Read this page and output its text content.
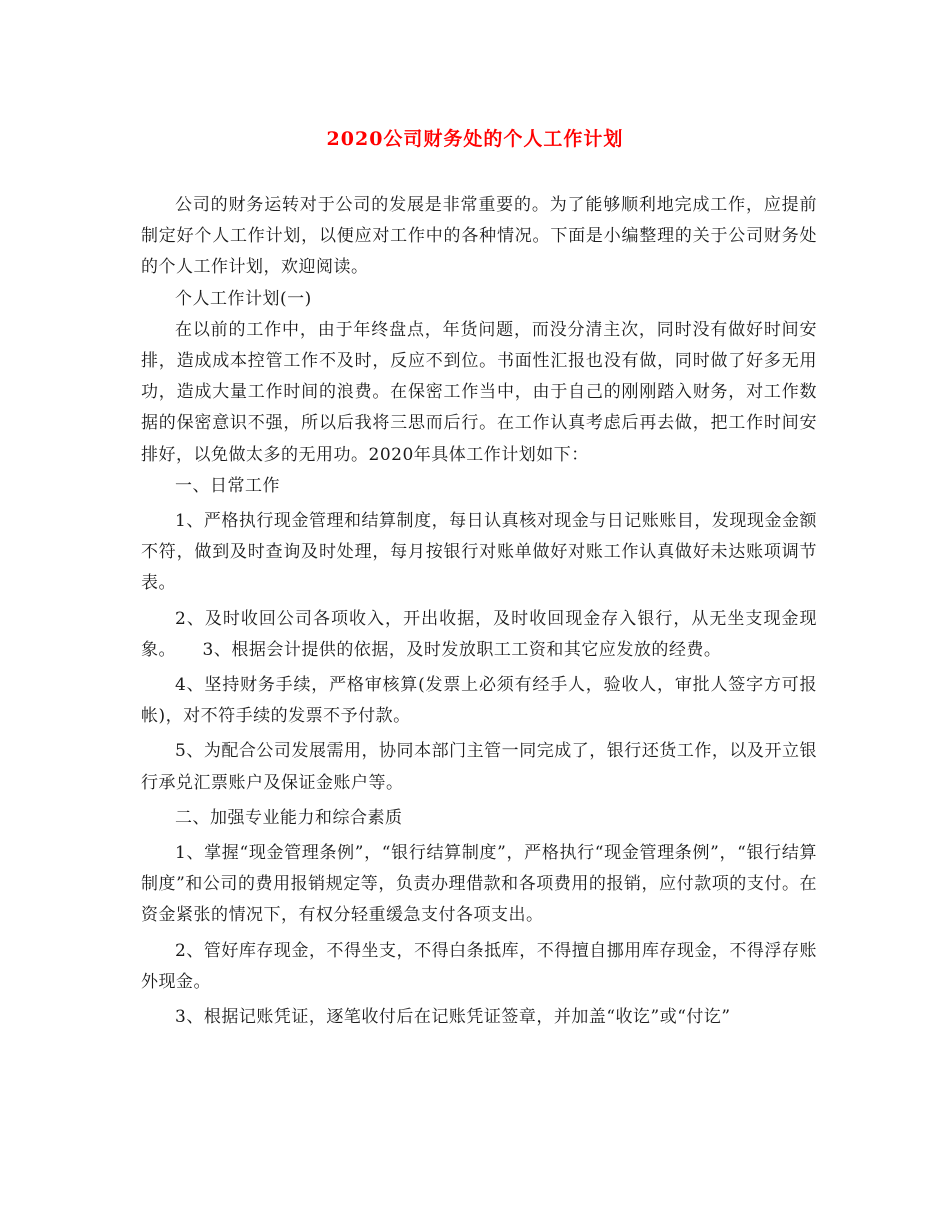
2020公司财务处的个人工作计划

公司的财务运转对于公司的发展是非常重要的。为了能够顺利地完成工作，应提前制定好个人工作计划，以便应对工作中的各种情况。下面是小编整理的关于公司财务处的个人工作计划，欢迎阅读。

个人工作计划(一)

在以前的工作中，由于年终盘点，年货问题，而没分清主次，同时没有做好时间安排，造成成本控管工作不及时，反应不到位。书面性汇报也没有做，同时做了好多无用功，造成大量工作时间的浪费。在保密工作当中，由于自己的刚刚踏入财务，对工作数据的保密意识不强，所以后我将三思而后行。在工作认真考虑后再去做，把工作时间安排好，以免做太多的无用功。2020年具体工作计划如下：

一、日常工作

1、严格执行现金管理和结算制度，每日认真核对现金与日记账账目，发现现金金额不符，做到及时查询及时处理，每月按银行对账单做好对账工作认真做好未达账项调节表。

2、及时收回公司各项收入，开出收据，及时收回现金存入银行，从无坐支现金现象。　　3、根据会计提供的依据，及时发放职工工资和其它应发放的经费。

4、坚持财务手续，严格审核算(发票上必须有经手人，验收人，审批人签字方可报帐)，对不符手续的发票不予付款。

5、为配合公司发展需用，协同本部门主管一同完成了，银行还货工作，以及开立银行承兑汇票账户及保证金账户等。

二、加强专业能力和综合素质

1、掌握“现金管理条例”，“银行结算制度”，严格执行“现金管理条例”，“银行结算制度”和公司的费用报销规定等，负责办理借款和各项费用的报销，应付款项的支付。在资金紧张的情况下，有权分轻重缓急支付各项支出。

2、管好库存现金，不得坐支，不得白条抵库，不得擅自挪用库存现金，不得浮存账外现金。

3、根据记账凭证，逐笔收付后在记账凭证签章，并加盖“收讫”或“付讫”
